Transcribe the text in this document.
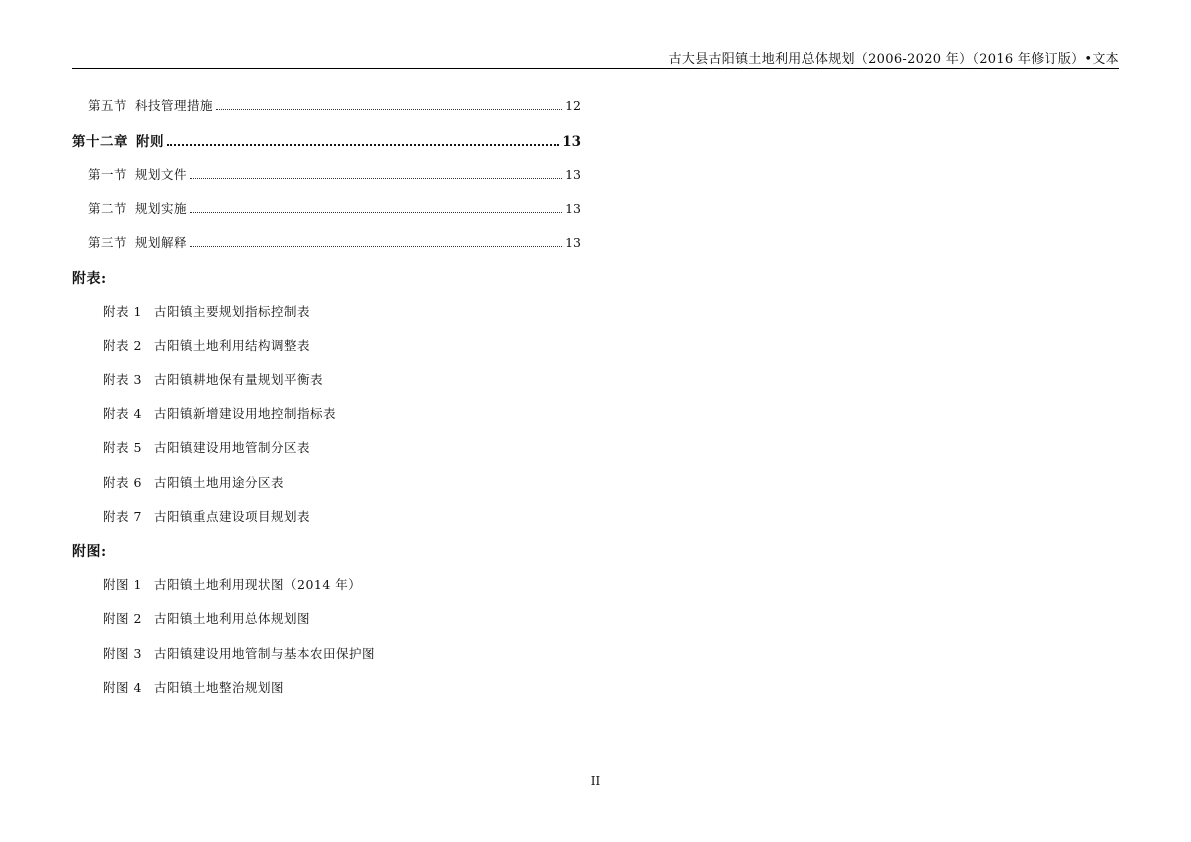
古大县古阳镇土地利用总体规划（2006-2020 年）（2016 年修订版）•文本
第五节 科技管理措施	12
第十二章 附则	13
第一节 规划文件	13
第二节 规划实施	13
第三节 规划解释	13
附表:
附表 1 古阳镇主要规划指标控制表
附表 2 古阳镇土地利用结构调整表
附表 3 古阳镇耕地保有量规划平衡表
附表 4 古阳镇新增建设用地控制指标表
附表 5 古阳镇建设用地管制分区表
附表 6 古阳镇土地用途分区表
附表 7 古阳镇重点建设项目规划表
附图:
附图 1 古阳镇土地利用现状图（2014 年）
附图 2 古阳镇土地利用总体规划图
附图 3 古阳镇建设用地管制与基本农田保护图
附图 4 古阳镇土地整治规划图
II
